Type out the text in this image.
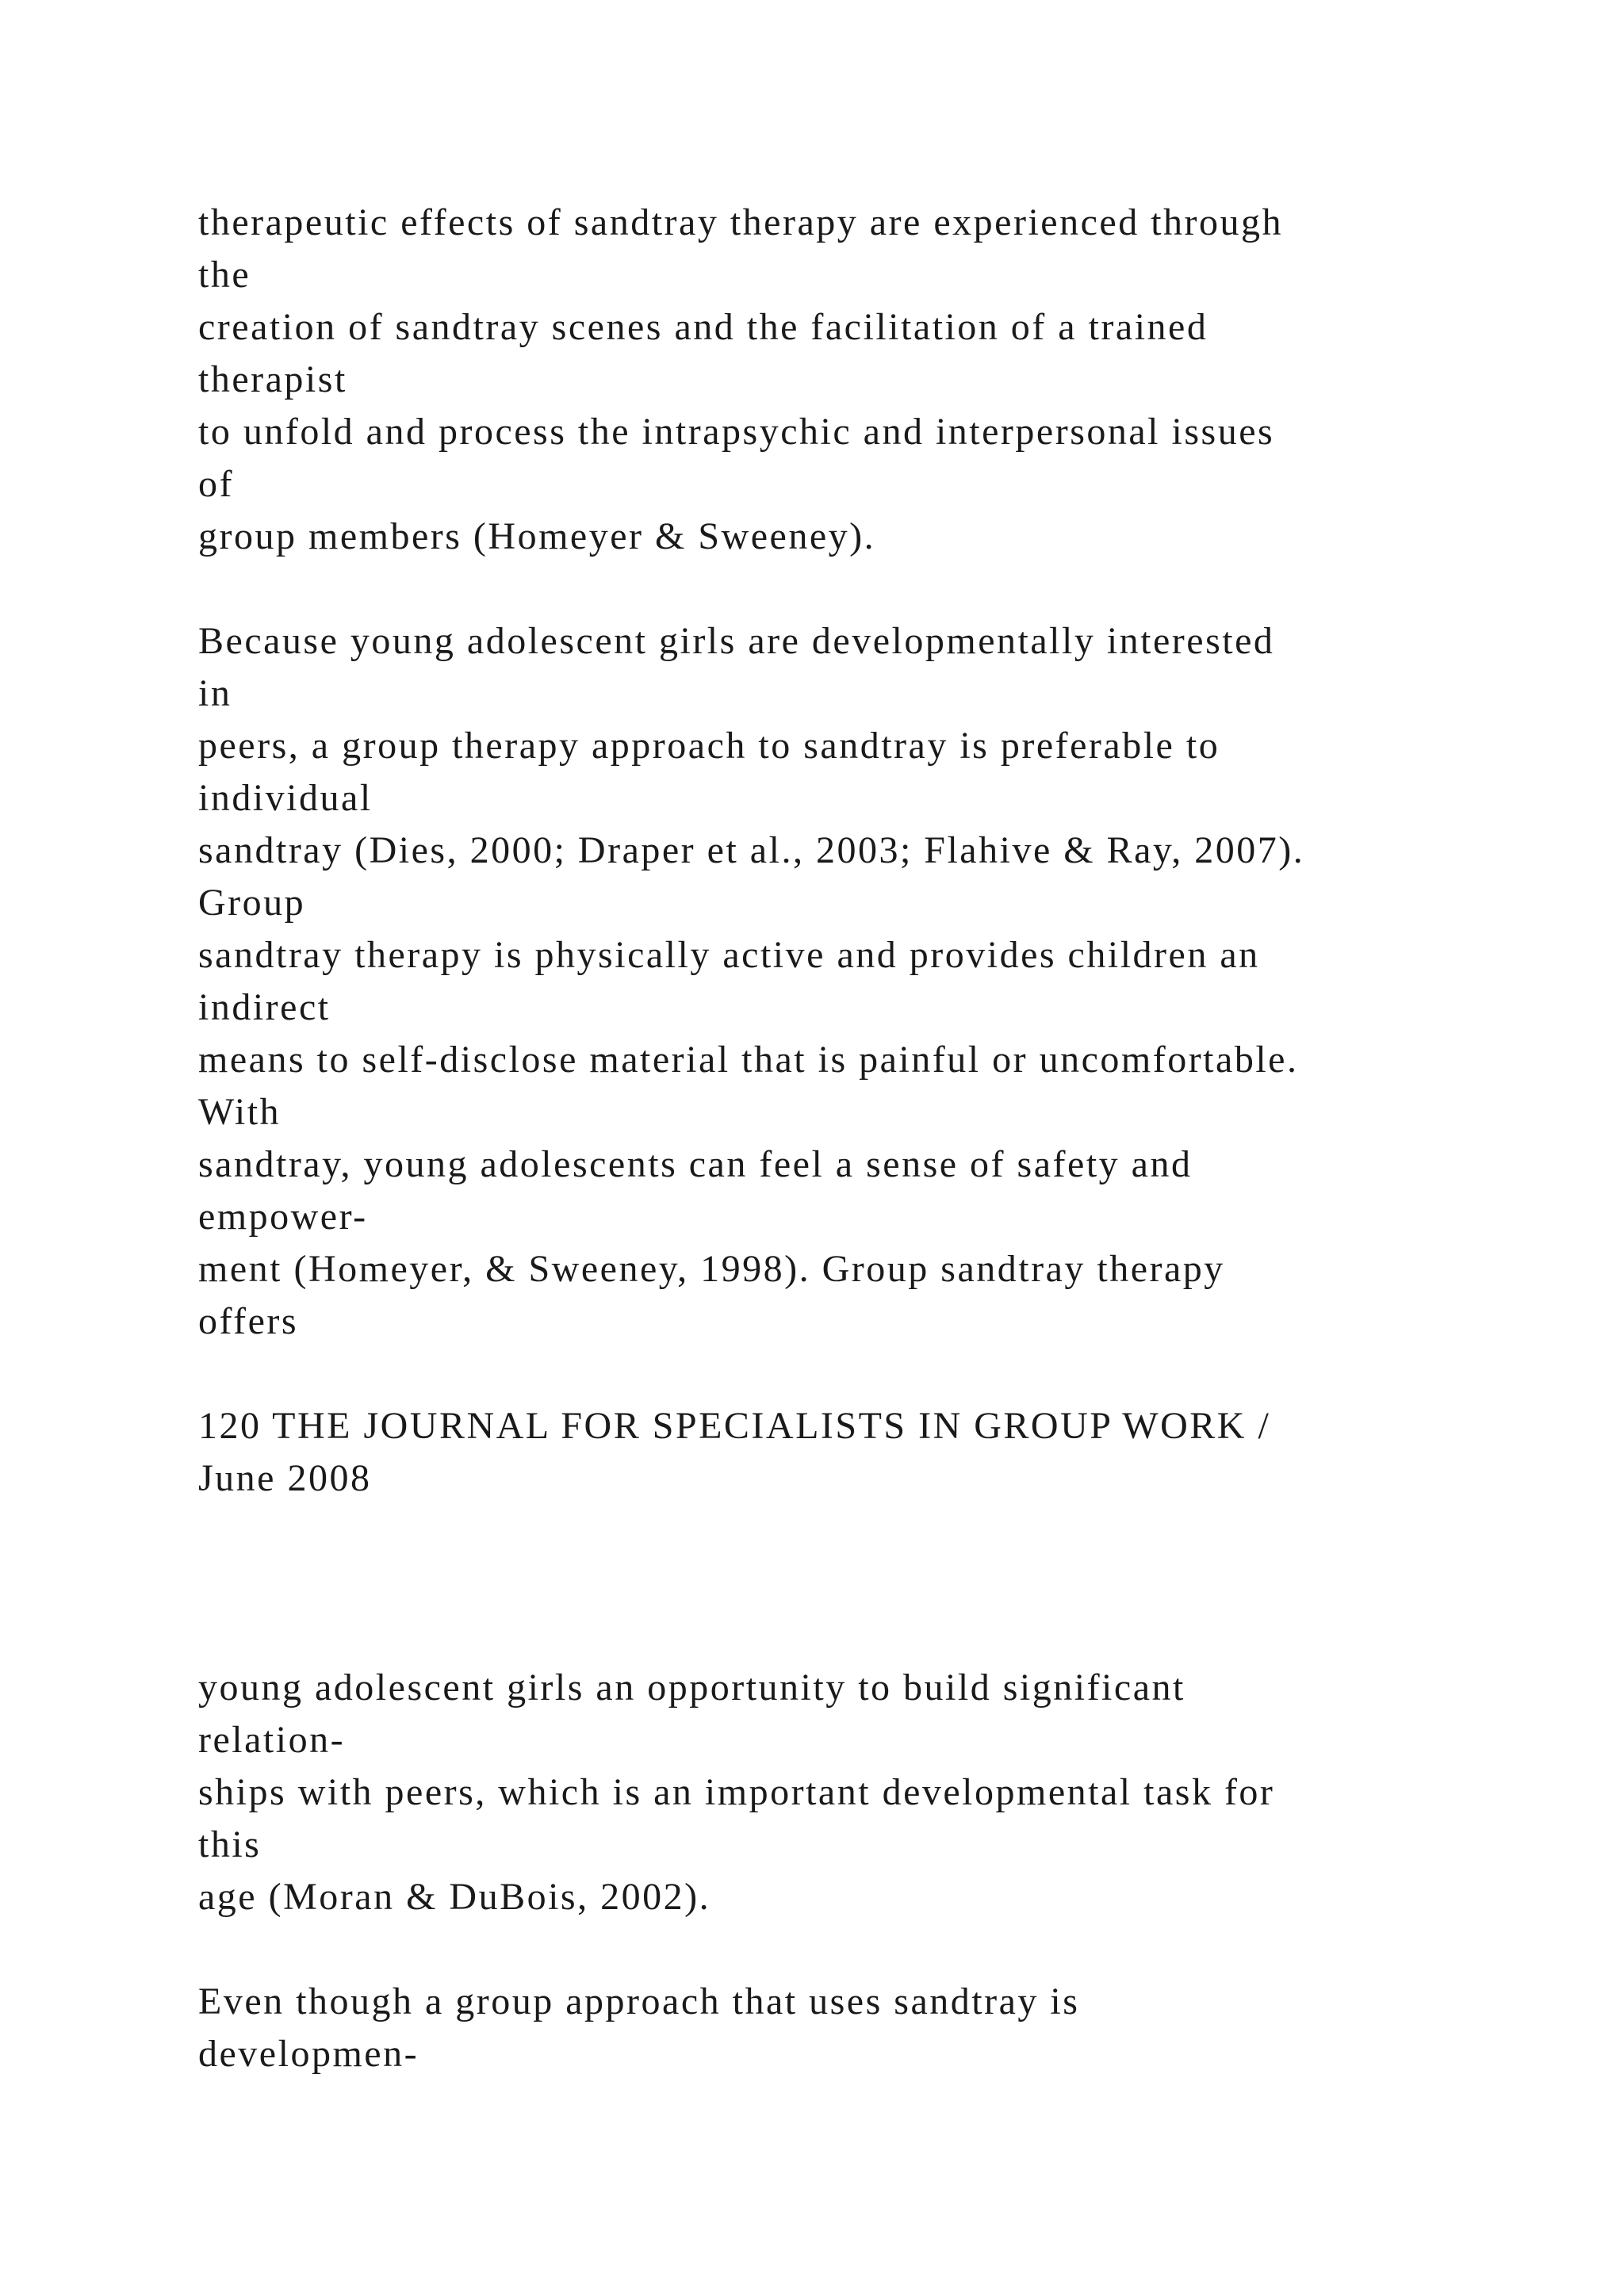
therapeutic effects of sandtray therapy are experienced through

the

creation of sandtray scenes and the facilitation of a trained

therapist

to unfold and process the intrapsychic and interpersonal issues

of

group members (Homeyer & Sweeney).

Because young adolescent girls are developmentally interested

in

peers, a group therapy approach to sandtray is preferable to

individual

sandtray (Dies, 2000; Draper et al., 2003; Flahive & Ray, 2007).

Group

sandtray therapy is physically active and provides children an

indirect

means to self-disclose material that is painful or uncomfortable.

With

sandtray, young adolescents can feel a sense of safety and

empower-

ment (Homeyer, & Sweeney, 1998). Group sandtray therapy

offers

120 THE JOURNAL FOR SPECIALISTS IN GROUP WORK /

June 2008

young adolescent girls an opportunity to build significant

relation-

ships with peers, which is an important developmental task for

this

age (Moran & DuBois, 2002).

Even though a group approach that uses sandtray is

developmen-
